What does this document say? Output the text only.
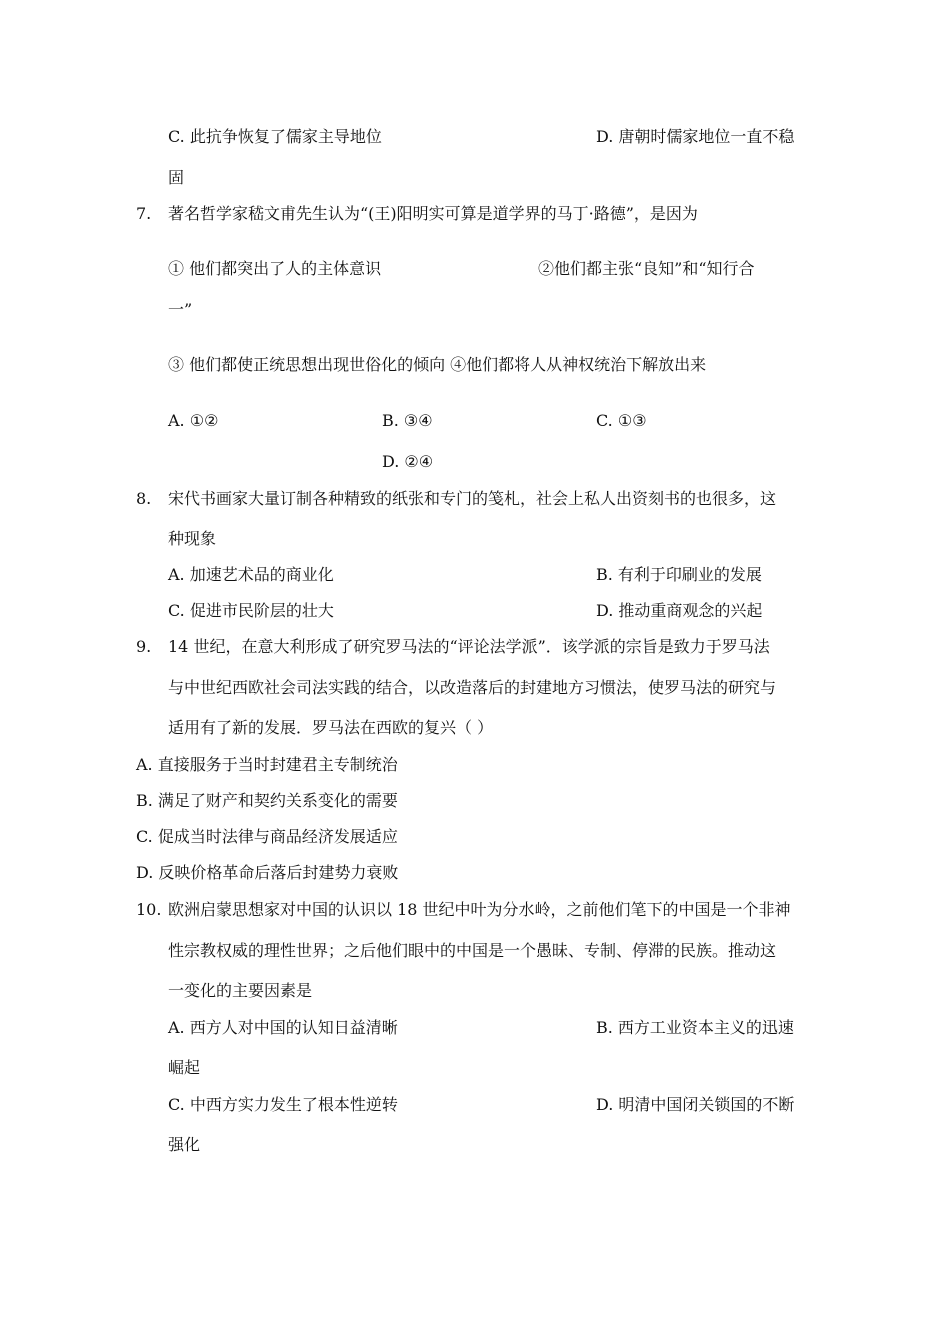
C. 此抗争恢复了儒家主导地位	D. 唐朝时儒家地位一直不稳
固
7. 著名哲学家嵇文甫先生认为“(王)阳明实可算是道学界的马丁·路德”，是因为
① 他们都突出了人的主体意识	②他们都主张“良知”和“知行合
一”
③ 他们都使正统思想出现世俗化的倾向 ④他们都将人从神权统治下解放出来
A. ①②	B. ③④	C. ①③
D. ②④
8. 宋代书画家大量订制各种精致的纸张和专门的笺札，社会上私人出资刻书的也很多，这
种现象
A. 加速艺术品的商业化	B. 有利于印刷业的发展
C. 促进市民阶层的壮大	D. 推动重商观念的兴起
9. 14 世纪，在意大利形成了研究罗马法的“评论法学派”．该学派的宗旨是致力于罗马法
与中世纪西欧社会司法实践的结合，以改造落后的封建地方习惯法，使罗马法的研究与
适用有了新的发展．罗马法在西欧的复兴（ ）
A. 直接服务于当时封建君主专制统治
B. 满足了财产和契约关系变化的需要
C. 促成当时法律与商品经济发展适应
D. 反映价格革命后落后封建势力衰败
10. 欧洲启蒙思想家对中国的认识以 18 世纪中叶为分水岭，之前他们笔下的中国是一个非神
性宗教权威的理性世界；之后他们眼中的中国是一个愚昧、专制、停滞的民族。推动这
一变化的主要因素是
A. 西方人对中国的认知日益清晰	B. 西方工业资本主义的迅速
崛起
C. 中西方实力发生了根本性逆转	D. 明清中国闭关锁国的不断
强化
